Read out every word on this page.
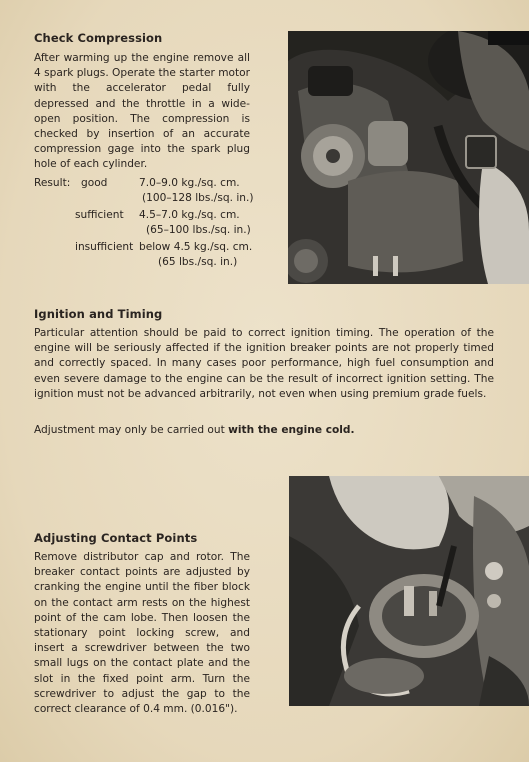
Check Compression

After warming up the engine remove all 4 spark plugs. Operate the starter motor with the accelerator pedal fully depressed and the throttle in a wide-open position. The compression is checked by insertion of an accurate compression gage into the spark plug hole of each cylinder.

Result: good	7.0–9.0 kg./sq. cm.
(100–128 lbs./sq. in.)
sufficient 4.5–7.0 kg./sq. cm.
(65–100 lbs./sq. in.)
insufficient below 4.5 kg./sq. cm.
(65 lbs./sq. in.)
Ignition and Timing

Particular attention should be paid to correct ignition timing. The operation of the engine will be seriously affected if the ignition breaker points are not properly timed and correctly spaced. In many cases poor performance, high fuel consumption and even severe damage to the engine can be the result of incorrect ignition setting. The ignition must not be advanced arbitrarily, not even when using premium grade fuels.

Adjustment may only be carried out with the engine cold.

Adjusting Contact Points

Remove distributor cap and rotor. The breaker contact points are adjusted by cranking the engine until the fiber block on the contact arm rests on the highest point of the cam lobe. Then loosen the stationary point locking screw, and insert a screwdriver between the two small lugs on the contact plate and the slot in the fixed point arm. Turn the screwdriver to adjust the gap to the correct clearance of 0.4 mm. (0.016").
